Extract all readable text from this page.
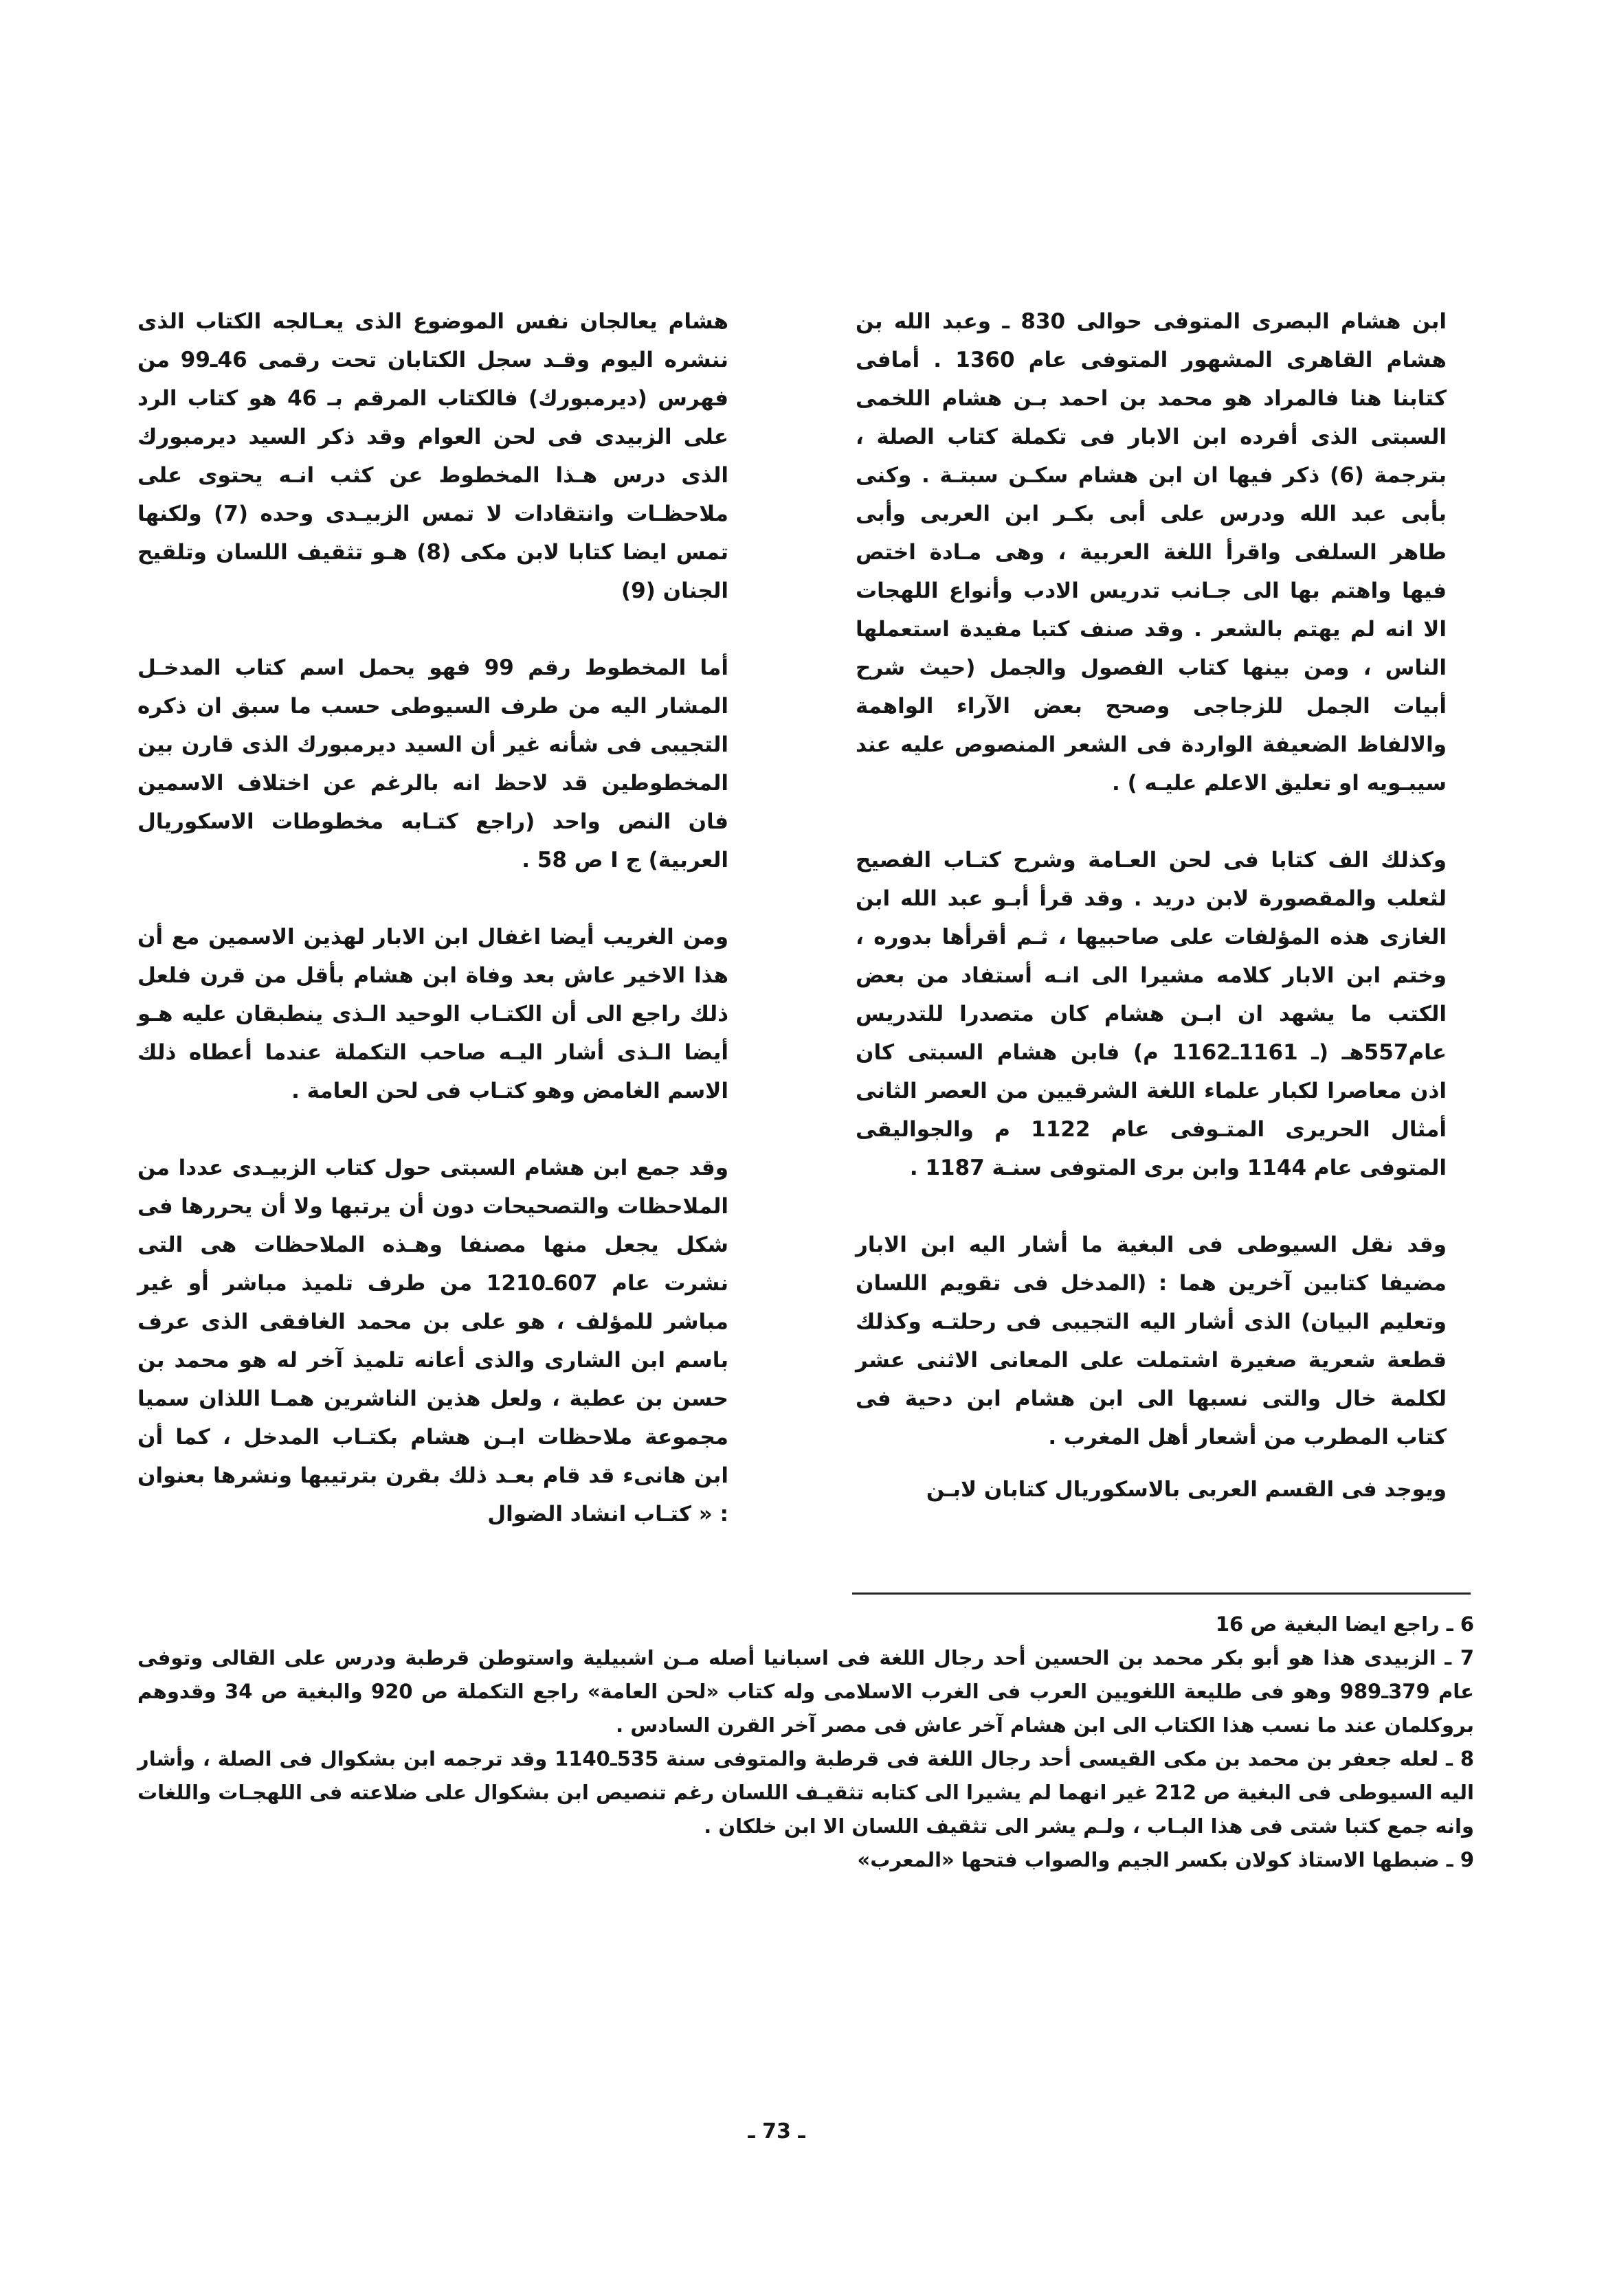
ابن هشام البصرى المتوفى حوالى 830 ـ وعبد الله بن هشام القاهرى المشهور المتوفى عام 1360 . أمافى كتابنا هنا فالمراد هو محمد بن احمد بـن هشام اللخمى السبتى الذى أفرده ابن الابار فى تكملة كتاب الصلة ، بترجمة (6) ذكر فيها ان ابن هشام سكـن سبتـة . وكنى بأبى عبد الله ودرس على أبى بكـر ابن العربى وأبى طاهر السلفى واقرأ اللغة العربية ، وهى مـادة اختص فيها واهتم بها الى جـانب تدريس الادب وأنواع اللهجات الا انه لم يهتم بالشعر . وقد صنف كتبا مفيدة استعملها الناس ، ومن بينها كتاب الفصول والجمل (حيث شرح أبيات الجمل للزجاجى وصحح بعض الآراء الواهمة والالفاظ الضعيفة الواردة فى الشعر المنصوص عليه عند سيبـويه او تعليق الاعلم عليـه ) .

وكذلك الف كتابا فى لحن العـامة وشرح كتـاب الفصيح لثعلب والمقصورة لابن دريد . وقد قرأ أبـو عبد الله ابن الغازى هذه المؤلفات على صاحبيها ، ثـم أقرأها بدوره ، وختم ابن الابار كلامه مشيرا الى انـه أستفاد من بعض الكتب ما يشهد ان ابـن هشام كان متصدرا للتدريس عام557هـ (ـ 1161ـ1162 م) فابن هشام السبتى كان اذن معاصرا لكبار علماء اللغة الشرقيين من العصر الثانى أمثال الحريرى المتـوفى عام 1122 م والجواليقى المتوفى عام 1144 وابن برى المتوفى سنـة 1187 .

وقد نقل السيوطى فى البغية ما أشار اليه ابن الابار مضيفا كتابين آخرين هما : (المدخل فى تقويم اللسان وتعليم البيان) الذى أشار اليه التجيبى فى رحلتـه وكذلك قطعة شعرية صغيرة اشتملت على المعانى الاثنى عشر لكلمة خال والتى نسبها الى ابن هشام ابن دحية فى كتاب المطرب من أشعار أهل المغرب .

ويوجد فى القسم العربى بالاسكوريال كتابان لابـن

هشام يعالجان نفس الموضوع الذى يعـالجه الكتاب الذى ننشره اليوم وقـد سجل الكتابان تحت رقمى 46ـ99 من فهرس (ديرمبورك) فالكتاب المرقم بـ 46 هو كتاب الرد على الزبيدى فى لحن العوام وقد ذكر السيد ديرمبورك الذى درس هـذا المخطوط عن كثب انـه يحتوى على ملاحظـات وانتقادات لا تمس الزبيـدى وحده (7) ولكنها تمس ايضا كتابا لابن مكى (8) هـو تثقيف اللسان وتلقيح الجنان (9)

أما المخطوط رقم 99 فهو يحمل اسم كتاب المدخـل المشار اليه من طرف السيوطى حسب ما سبق ان ذكره التجيبى فى شأنه غير أن السيد ديرمبورك الذى قارن بين المخطوطين قد لاحظ انه بالرغم عن اختلاف الاسمين فان النص واحد (راجع كتـابه مخطوطات الاسكوريال العربية) ج I ص 58 .

ومن الغريب أيضا اغفال ابن الابار لهذين الاسمين مع أن هذا الاخير عاش بعد وفاة ابن هشام بأقل من قرن فلعل ذلك راجع الى أن الكتـاب الوحيد الـذى ينطبقان عليه هـو أيضا الـذى أشار اليـه صاحب التكملة عندما أعطاه ذلك الاسم الغامض وهو كتـاب فى لحن العامة .

وقد جمع ابن هشام السبتى حول كتاب الزبيـدى عددا من الملاحظات والتصحيحات دون أن يرتبها ولا أن يحررها فى شكل يجعل منها مصنفا وهـذه الملاحظات هى التى نشرت عام 607ـ1210 من طرف تلميذ مباشر أو غير مباشر للمؤلف ، هو على بن محمد الغافقى الذى عرف باسم ابن الشارى والذى أعانه تلميذ آخر له هو محمد بن حسن بن عطية ، ولعل هذين الناشرين همـا اللذان سميا مجموعة ملاحظات ابـن هشام بكتـاب المدخل ، كما أن ابن هانىء قد قام بعـد ذلك بقرن بترتيبها ونشرها بعنوان : « كتـاب انشاد الضوال

6 ـ راجع ايضا البغية ص 16

7 ـ الزبيدى هذا هو أبو بكر محمد بن الحسين أحد رجال اللغة فى اسبانيا أصله مـن اشبيلية واستوطن قرطبة ودرس على القالى وتوفى عام 379ـ989 وهو فى طليعة اللغويين العرب فى الغرب الاسلامى وله كتاب «لحن العامة» راجع التكملة ص 920 والبغية ص 34 وقدوهم بروكلمان عند ما نسب هذا الكتاب الى ابن هشام آخر عاش فى مصر آخر القرن السادس .

8 ـ لعله جعفر بن محمد بن مكى القيسى أحد رجال اللغة فى قرطبة والمتوفى سنة 535ـ1140 وقد ترجمه ابن بشكوال فى الصلة ، وأشار اليه السيوطى فى البغية ص 212 غير انهما لم يشيرا الى كتابه تثقيـف اللسان رغم تنصيص ابن بشكوال على ضلاعته فى اللهجـات واللغات وانه جمع كتبا شتى فى هذا البـاب ، ولـم يشر الى تثقيف اللسان الا ابن خلكان .

9 ـ ضبطها الاستاذ كولان بكسر الجيم والصواب فتحها «المعرب»

ـ 73 ـ
